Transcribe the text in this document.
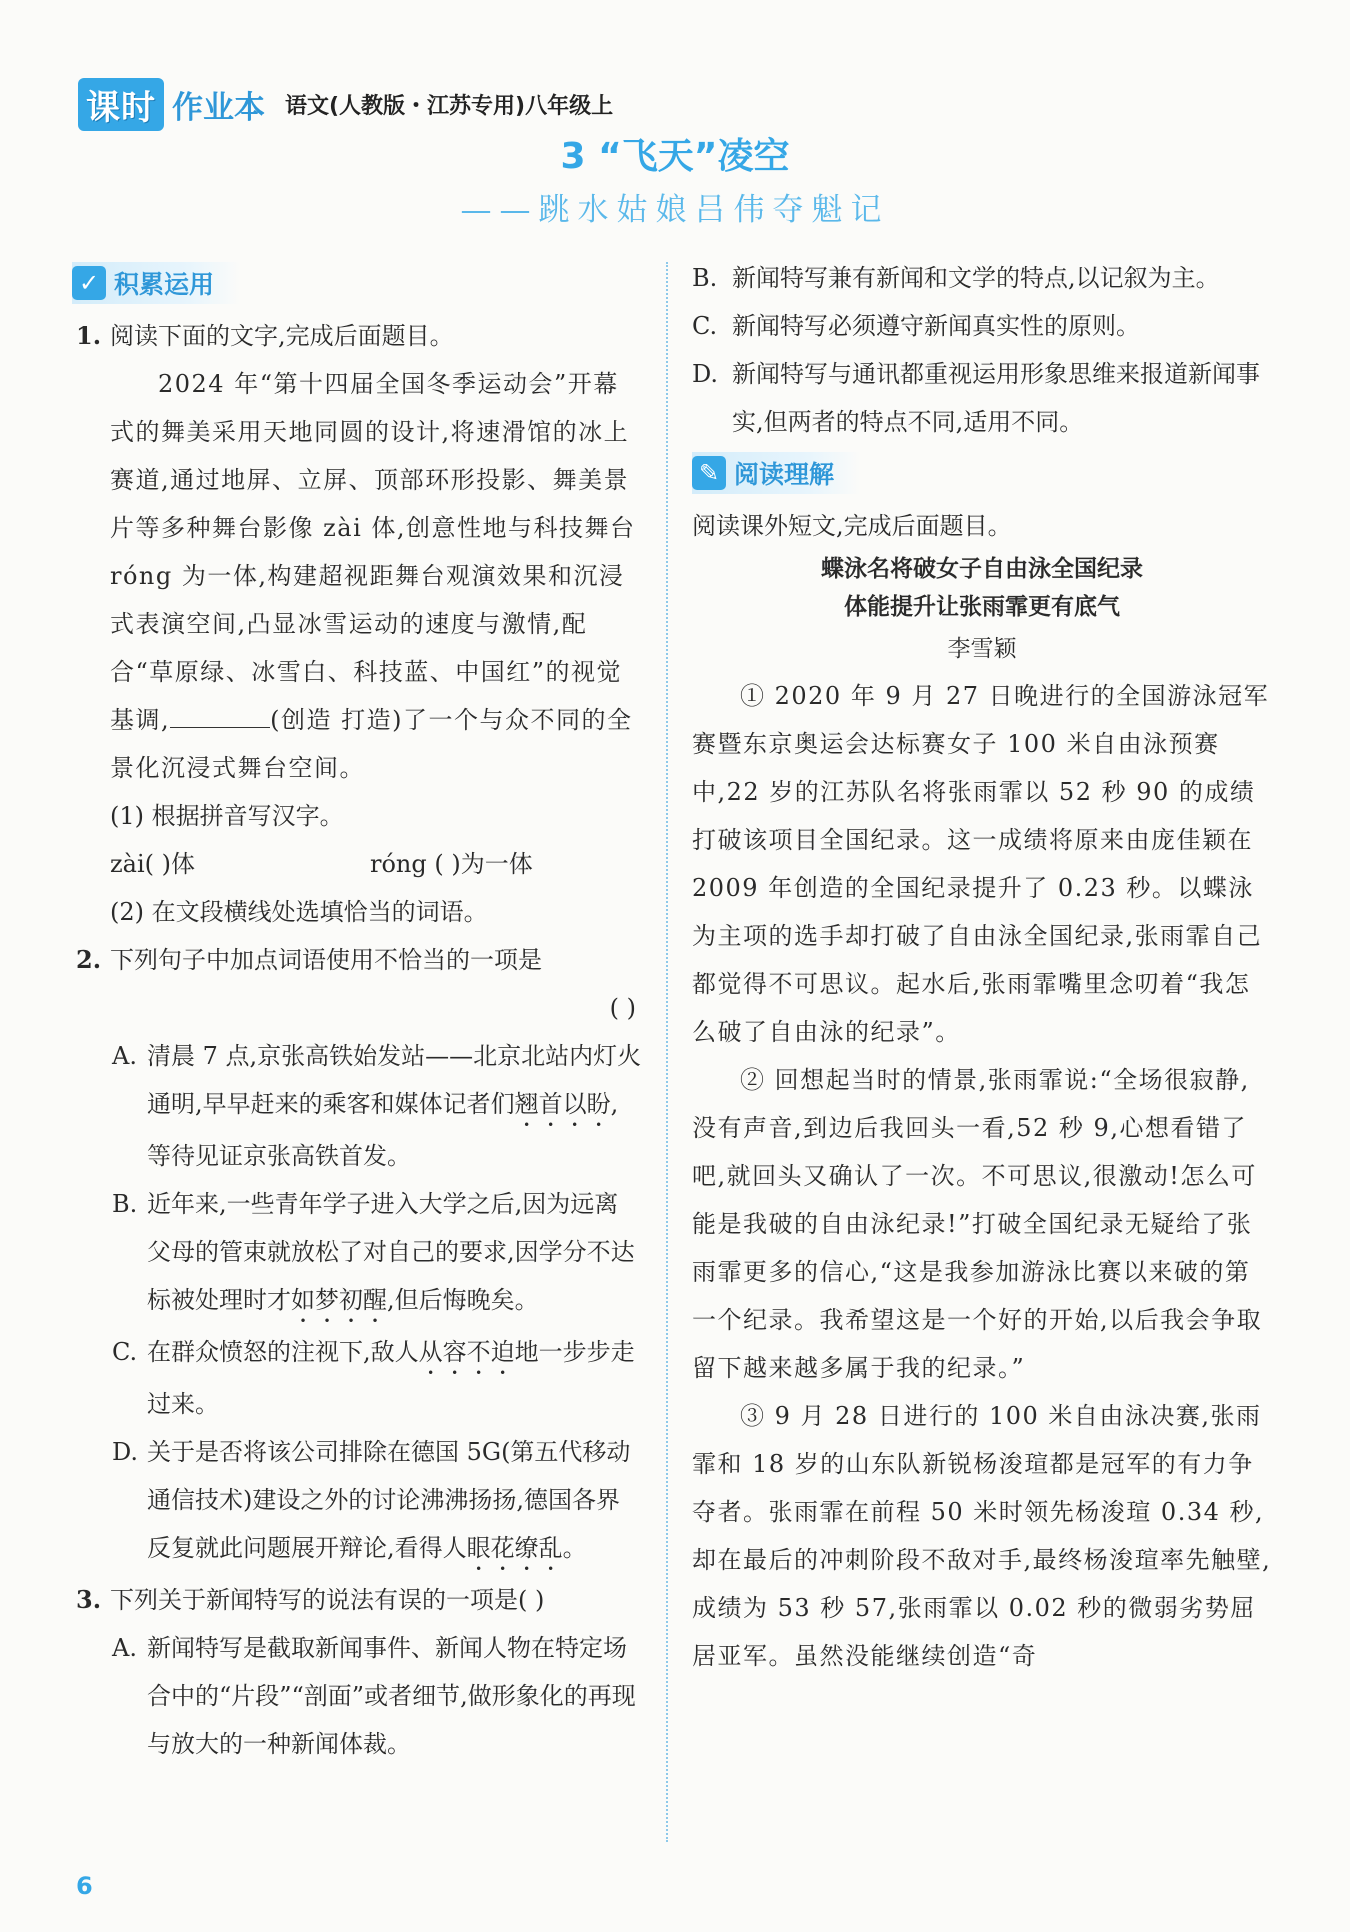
课时 作业本 语文(人教版・江苏专用)八年级上
3 “飞天”凌空
——跳水姑娘吕伟夺魁记
✓ 积累运用

1. 阅读下面的文字,完成后面题目。

2024 年“第十四届全国冬季运动会”开幕式的舞美采用天地同圆的设计,将速滑馆的冰上赛道,通过地屏、立屏、顶部环形投影、舞美景片等多种舞台影像 zài 体,创意性地与科技舞台 róng 为一体,构建超视距舞台观演效果和沉浸式表演空间,凸显冰雪运动的速度与激情,配合“草原绿、冰雪白、科技蓝、中国红”的视觉基调,	(创造 打造)了一个与众不同的全景化沉浸式舞台空间。

(1) 根据拼音写汉字。

zài( )体	róng ( )为一体

(2) 在文段横线处选填恰当的词语。

2. 下列句子中加点词语使用不恰当的一项是

( )

A. 清晨 7 点,京张高铁始发站——北京北站内灯火通明,早早赶来的乘客和媒体记者们翘首以盼,等待见证京张高铁首发。

B. 近年来,一些青年学子进入大学之后,因为远离父母的管束就放松了对自己的要求,因学分不达标被处理时才如梦初醒,但后悔晚矣。

C. 在群众愤怒的注视下,敌人从容不迫地一步步走过来。

D. 关于是否将该公司排除在德国 5G(第五代移动通信技术)建设之外的讨论沸沸扬扬,德国各界反复就此问题展开辩论,看得人眼花缭乱。

3. 下列关于新闻特写的说法有误的一项是( )

A. 新闻特写是截取新闻事件、新闻人物在特定场合中的“片段”“剖面”或者细节,做形象化的再现与放大的一种新闻体裁。

B. 新闻特写兼有新闻和文学的特点,以记叙为主。

C. 新闻特写必须遵守新闻真实性的原则。

D. 新闻特写与通讯都重视运用形象思维来报道新闻事实,但两者的特点不同,适用不同。

✎ 阅读理解

阅读课外短文,完成后面题目。

蝶泳名将破女子自由泳全国纪录
体能提升让张雨霏更有底气
李雪颖

① 2020 年 9 月 27 日晚进行的全国游泳冠军赛暨东京奥运会达标赛女子 100 米自由泳预赛中,22 岁的江苏队名将张雨霏以 52 秒 90 的成绩打破该项目全国纪录。这一成绩将原来由庞佳颖在 2009 年创造的全国纪录提升了 0.23 秒。以蝶泳为主项的选手却打破了自由泳全国纪录,张雨霏自己都觉得不可思议。起水后,张雨霏嘴里念叨着“我怎么破了自由泳的纪录”。

② 回想起当时的情景,张雨霏说:“全场很寂静,没有声音,到边后我回头一看,52 秒 9,心想看错了吧,就回头又确认了一次。不可思议,很激动!怎么可能是我破的自由泳纪录!”打破全国纪录无疑给了张雨霏更多的信心,“这是我参加游泳比赛以来破的第一个纪录。我希望这是一个好的开始,以后我会争取留下越来越多属于我的纪录。”

③ 9 月 28 日进行的 100 米自由泳决赛,张雨霏和 18 岁的山东队新锐杨浚瑄都是冠军的有力争夺者。张雨霏在前程 50 米时领先杨浚瑄 0.34 秒,却在最后的冲刺阶段不敌对手,最终杨浚瑄率先触壁,成绩为 53 秒 57,张雨霏以 0.02 秒的微弱劣势屈居亚军。虽然没能继续创造“奇

6
